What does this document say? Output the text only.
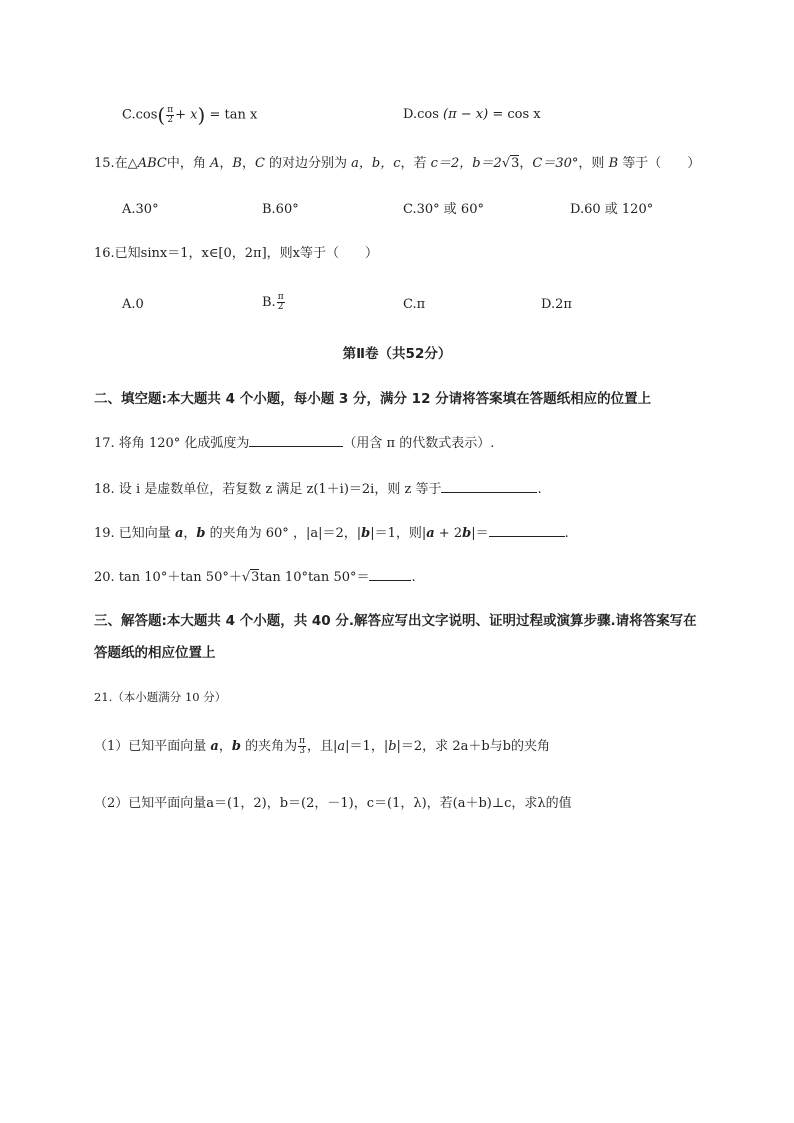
$C.\cos( \frac{\pi}{2} + x) = \tan x$	D.cos (π − x) = cos x
15.在△ABC中，角 A，B，C 的对边分别为 a，b，c，若 c＝2，b＝2√3，C＝30°，则 B 等于（　　）
A.30°	B.60°	C.30° 或 60°	D.60 或 120°
16.已知sinx＝1，x∈[0，2π]，则x等于（　　）
A.0	B. $\frac{\pi}{2}$	C.π	D.2π
第Ⅱ卷（共52分）
二、填空题:本大题共 4 个小题，每小题 3 分，满分 12 分请将答案填在答题纸相应的位置上
17. 将角 120° 化成弧度为	（用含 π 的代数式表示）.
18. 设 i 是虚数单位，若复数 z 满足 z(1＋i)＝2i，则 z 等于	.
19. 已知向量 a，b 的夹角为 60° ，|a|＝2，|b|＝1，则|a + 2b|＝	.
20. tan 10°＋tan 50°＋√3tan 10°tan 50°＝	.
三、解答题:本大题共 4 个小题，共 40 分.解答应写出文字说明、证明过程或演算步骤.请将答案写在
答题纸的相应位置上
21.（本小题满分 10 分）
（1）已知平面向量 a，b 的夹角为 $\frac{\pi}{3}$ ，且|a|＝1，|b|＝2，求 2a＋b与b的夹角
（2）已知平面向量a＝(1，2)，b＝(2，－1)，c＝(1，λ)，若(a＋b)⊥c，求λ的值
